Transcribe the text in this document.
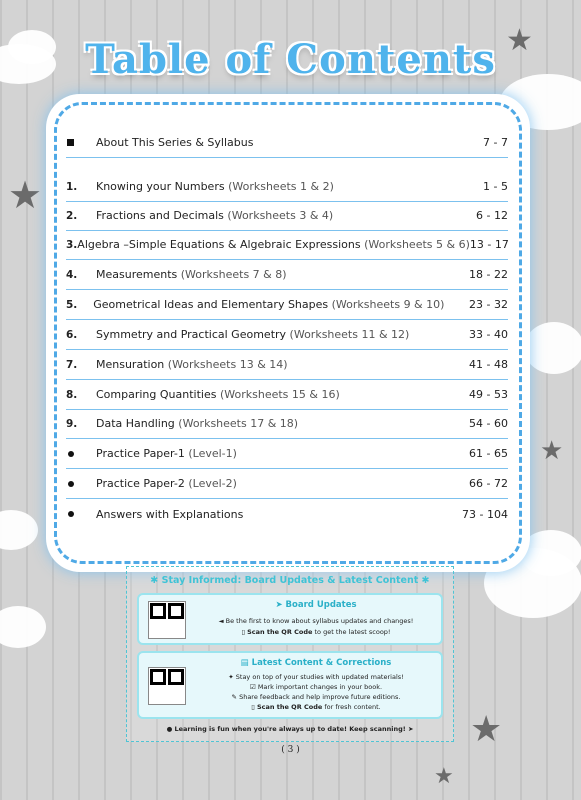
★
★
★
★
★
Table of Contents
About This Series & Syllabus	7 - 7
1.	Knowing your Numbers (Worksheets 1 & 2)	1 - 5
2.	Fractions and Decimals (Worksheets 3 & 4)	6 - 12
3. Algebra –Simple Equations & Algebraic Expressions (Worksheets 5 & 6) 13 - 17
4.	Measurements (Worksheets 7 & 8)	18 - 22
5.	Geometrical Ideas and Elementary Shapes (Worksheets 9 & 10)	23 - 32
6.	Symmetry and Practical Geometry (Worksheets 11 & 12)	33 - 40
7.	Mensuration (Worksheets 13 & 14)	41 - 48
8.	Comparing Quantities (Worksheets 15 & 16)	49 - 53
9.	Data Handling (Worksheets 17 & 18)	54 - 60
Practice Paper-1 (Level-1)	61 - 65
Practice Paper-2 (Level-2)	66 - 72
Answers with Explanations	73 - 104
✱ Stay Informed: Board Updates & Latest Content ✱
➤ Board Updates
◄ Be the first to know about syllabus updates and changes!
▯ Scan the QR Code to get the latest scoop!
▤ Latest Content & Corrections
✦ Stay on top of your studies with updated materials!
☑ Mark important changes in your book.
✎ Share feedback and help improve future editions.
▯ Scan the QR Code for fresh content.
● Learning is fun when you're always up to date! Keep scanning! ➤
( 3 )
